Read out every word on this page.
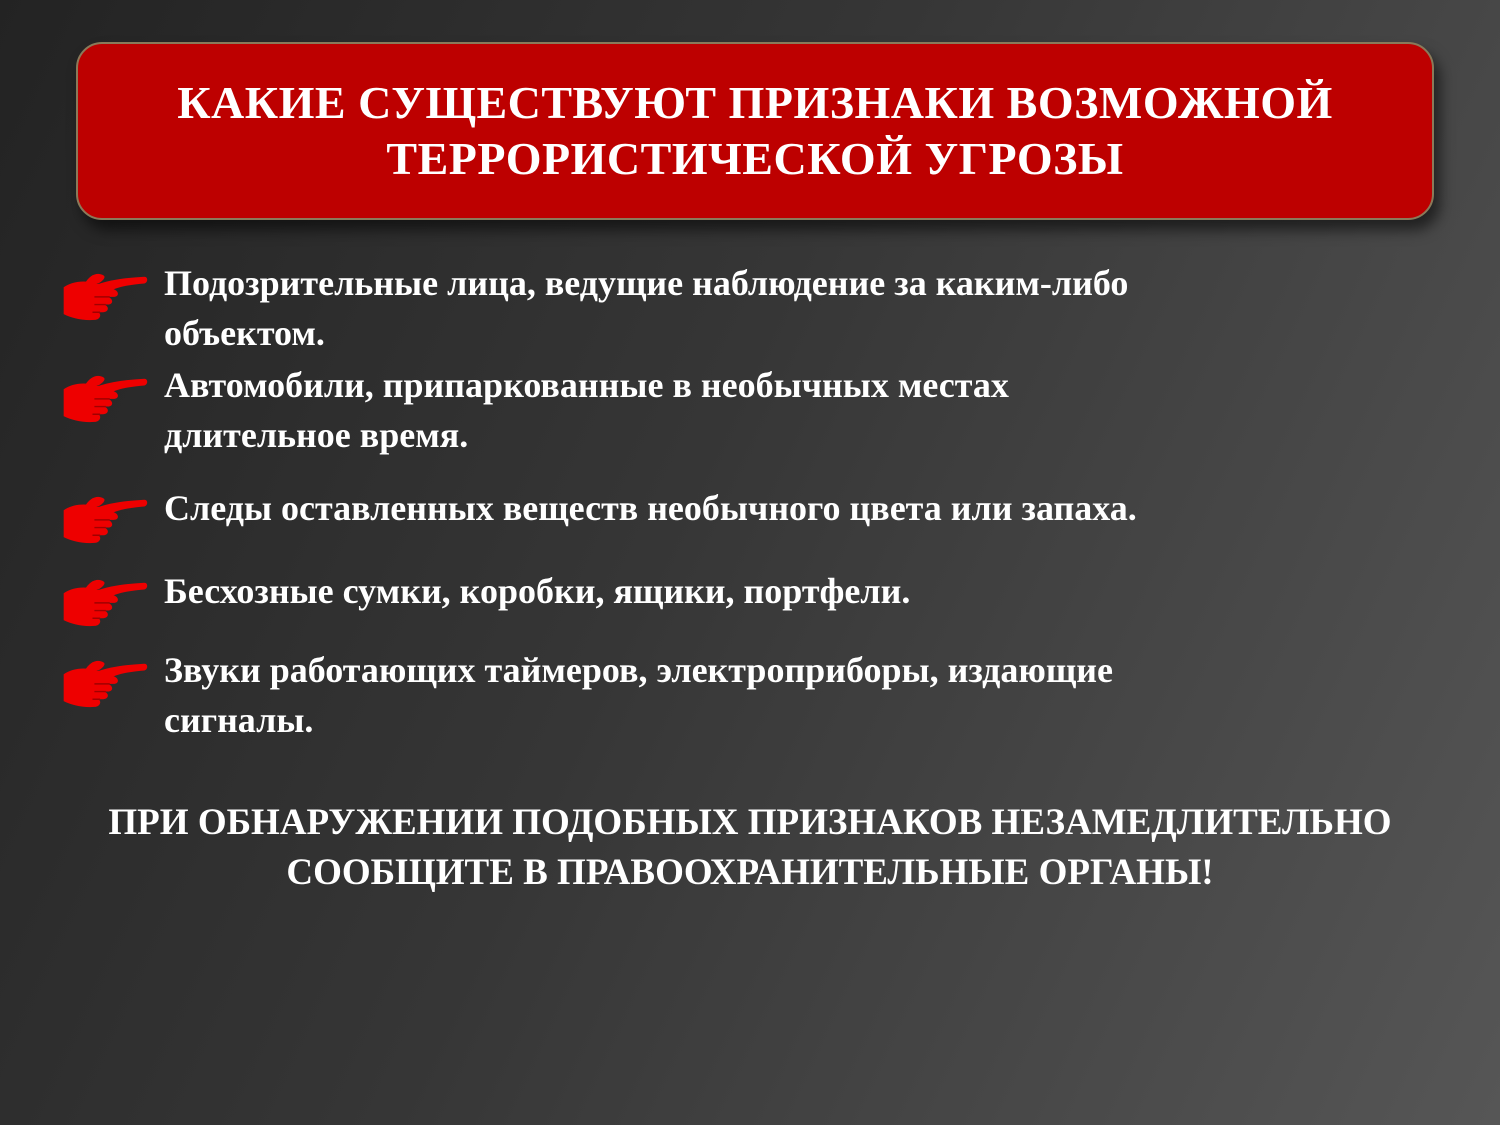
КАКИЕ СУЩЕСТВУЮТ ПРИЗНАКИ ВОЗМОЖНОЙ
ТЕРРОРИСТИЧЕСКОЙ УГРОЗЫ

Подозрительные лица, ведущие наблюдение за каким-либо
объектом.

Автомобили, припаркованные в необычных местах
длительное время.

Следы оставленных веществ необычного цвета или запаха.

Бесхозные сумки, коробки, ящики, портфели.

Звуки работающих таймеров, электроприборы, издающие
сигналы.

ПРИ ОБНАРУЖЕНИИ ПОДОБНЫХ ПРИЗНАКОВ НЕЗАМЕДЛИТЕЛЬНО
СООБЩИТЕ В ПРАВООХРАНИТЕЛЬНЫЕ ОРГАНЫ!
